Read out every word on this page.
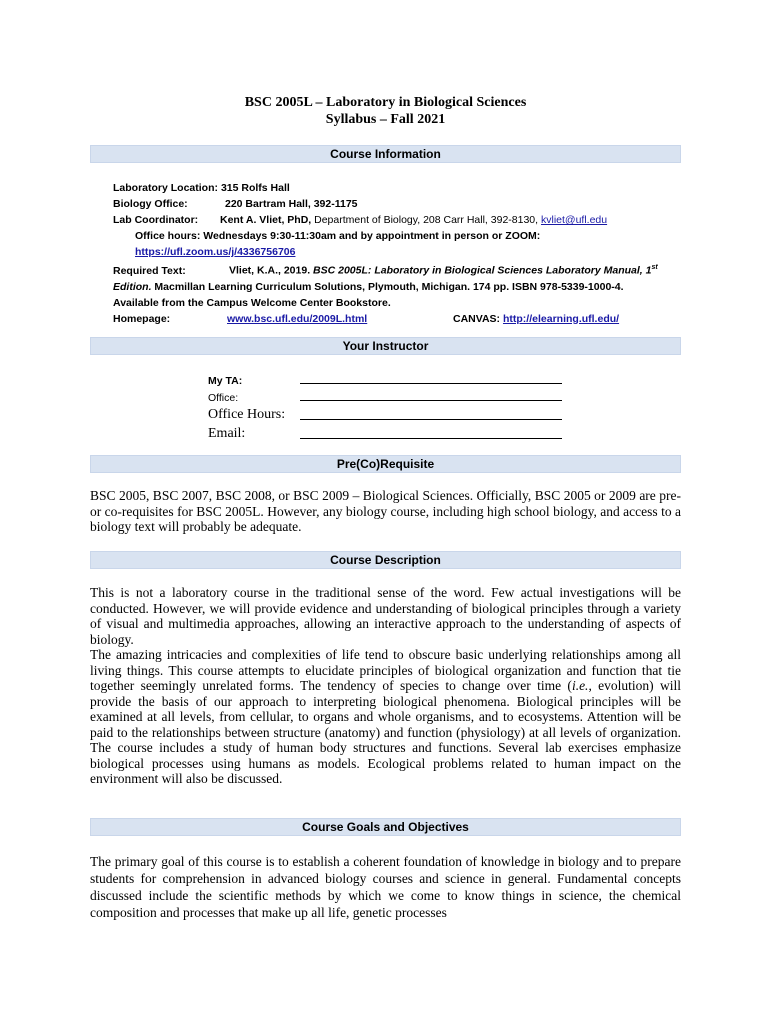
BSC 2005L – Laboratory in Biological Sciences
Syllabus – Fall 2021
Course Information
Laboratory Location: 315 Rolfs Hall
Biology Office:	220 Bartram Hall, 392-1175
Lab Coordinator: Kent A. Vliet, PhD, Department of Biology, 208 Carr Hall, 392-8130, kvliet@ufl.edu
Office hours: Wednesdays 9:30-11:30am and by appointment in person or ZOOM:
https://ufl.zoom.us/j/4336756706
Required Text:	Vliet, K.A., 2019. BSC 2005L: Laboratory in Biological Sciences Laboratory Manual, 1st
Edition. Macmillan Learning Curriculum Solutions, Plymouth, Michigan. 174 pp. ISBN 978-5339-1000-4.
Available from the Campus Welcome Center Bookstore.
Homepage:	www.bsc.ufl.edu/2009L.html	CANVAS: http://elearning.ufl.edu/
Your Instructor
My TA:
Office:
Office Hours:
Email:
Pre(Co)Requisite

BSC 2005, BSC 2007, BSC 2008, or BSC 2009 – Biological Sciences. Officially, BSC 2005 or 2009 are pre- or co-requisites for BSC 2005L. However, any biology course, including high school biology, and access to a biology text will probably be adequate.

Course Description

This is not a laboratory course in the traditional sense of the word. Few actual investigations will be conducted. However, we will provide evidence and understanding of biological principles through a variety of visual and multimedia approaches, allowing an interactive approach to the understanding of aspects of biology.

The amazing intricacies and complexities of life tend to obscure basic underlying relationships among all living things. This course attempts to elucidate principles of biological organization and function that tie together seemingly unrelated forms. The tendency of species to change over time (i.e., evolution) will provide the basis of our approach to interpreting biological phenomena. Biological principles will be examined at all levels, from cellular, to organs and whole organisms, and to ecosystems. Attention will be paid to the relationships between structure (anatomy) and function (physiology) at all levels of organization. The course includes a study of human body structures and functions. Several lab exercises emphasize biological processes using humans as models. Ecological problems related to human impact on the environment will also be discussed.

Course Goals and Objectives

The primary goal of this course is to establish a coherent foundation of knowledge in biology and to prepare students for comprehension in advanced biology courses and science in general. Fundamental concepts discussed include the scientific methods by which we come to know things in science, the chemical composition and processes that make up all life, genetic processes
